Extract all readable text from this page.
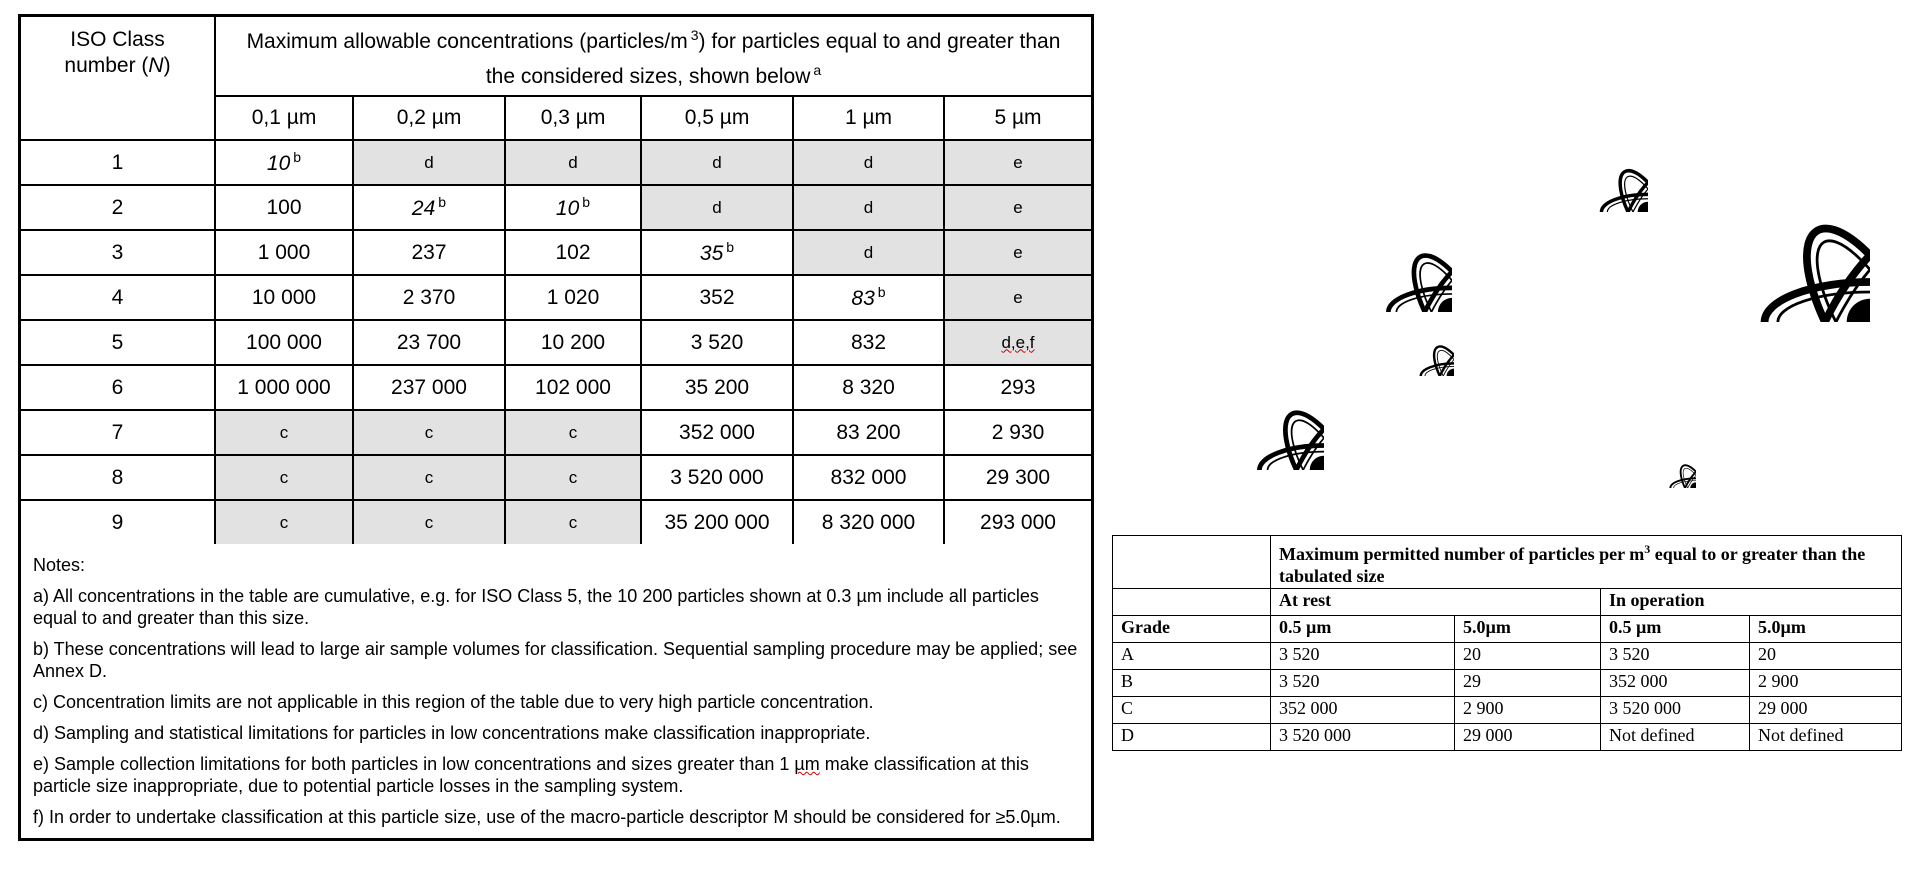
ISO Class
number (N)	Maximum allowable concentrations (particles/m $^3$) for particles equal to and greater than the considered sizes, shown below $^a$
	0,1 µm	0,2 µm	0,3 µm	0,5 µm	1 µm	5 µm
1	10 $^b$	d	d	d	d	e
2	100	24 $^b$	10 $^b$	d	d	e
3	1 000	237	102	35 $^b$	d	e
4	10 000	2 370	1 020	352	83 $^b$	e
5	100 000	23 700	10 200	3 520	832	d,e,f
6	1 000 000	237 000	102 000	35 200	8 320	293
7	c	c	c	352 000	83 200	2 930
8	c	c	c	3 520 000	832 000	29 300
9	c	c	c	35 200 000	8 320 000	293 000

Notes:

a) All concentrations in the table are cumulative, e.g. for ISO Class 5, the 10 200 particles shown at 0.3 µm include all particles equal to and greater than this size.

b) These concentrations will lead to large air sample volumes for classification. Sequential sampling procedure may be applied; see Annex D.

c) Concentration limits are not applicable in this region of the table due to very high particle concentration.

d) Sampling and statistical limitations for particles in low concentrations make classification inappropriate.

e) Sample collection limitations for both particles in low concentrations and sizes greater than 1 µm make classification at this particle size inappropriate, due to potential particle losses in the sampling system.

f) In order to undertake classification at this particle size, use of the macro-particle descriptor M should be considered for ≥5.0µm.

	Maximum permitted number of particles per $m^3$ equal to or greater than the tabulated size			
	At rest		In operation	
Grade	0.5 µm	5.0µm	0.5 µm	5.0µm
A	3 520	20	3 520	20
B	3 520	29	352 000	2 900
C	352 000	2 900	3 520 000	29 000
D	3 520 000	29 000	Not defined	Not defined
